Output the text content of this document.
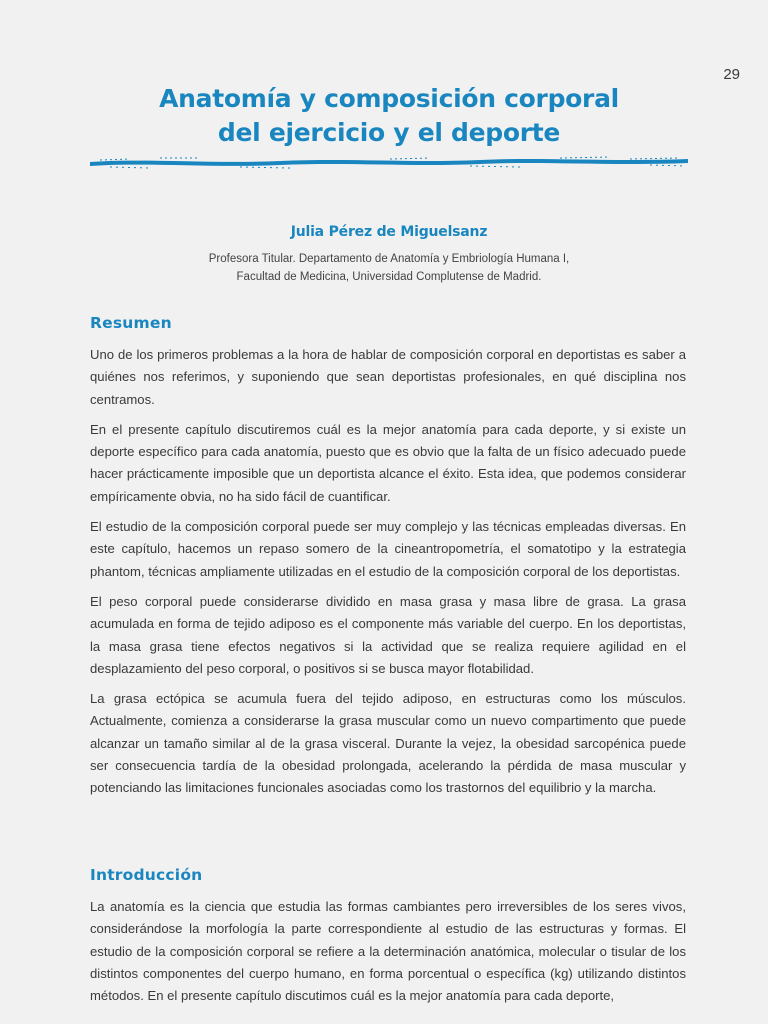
29
Anatomía y composición corporal
del ejercicio y el deporte
Julia Pérez de Miguelsanz
Profesora Titular. Departamento de Anatomía y Embriología Humana I,
Facultad de Medicina, Universidad Complutense de Madrid.
Resumen

Uno de los primeros problemas a la hora de hablar de composición corporal en deportistas es saber a quiénes nos referimos, y suponiendo que sean deportistas profesionales, en qué disciplina nos centramos.

En el presente capítulo discutiremos cuál es la mejor anatomía para cada deporte, y si existe un deporte específico para cada anatomía, puesto que es obvio que la falta de un físico adecuado puede hacer prácticamente imposible que un deportista alcance el éxito. Esta idea, que podemos considerar empíricamente obvia, no ha sido fácil de cuantificar.

El estudio de la composición corporal puede ser muy complejo y las técnicas empleadas diversas. En este capítulo, hacemos un repaso somero de la cineantropometría, el somatotipo y la estrategia phantom, técnicas ampliamente utilizadas en el estudio de la composición corporal de los deportistas.

El peso corporal puede considerarse dividido en masa grasa y masa libre de grasa. La grasa acumulada en forma de tejido adiposo es el componente más variable del cuerpo. En los deportistas, la masa grasa tiene efectos negativos si la actividad que se realiza requiere agilidad en el desplazamiento del peso corporal, o positivos si se busca mayor flotabilidad.

La grasa ectópica se acumula fuera del tejido adiposo, en estructuras como los músculos. Actualmente, comienza a considerarse la grasa muscular como un nuevo compartimento que puede alcanzar un tamaño similar al de la grasa visceral. Durante la vejez, la obesidad sarcopénica puede ser consecuencia tardía de la obesidad prolongada, acelerando la pérdida de masa muscular y potenciando las limitaciones funcionales asociadas como los trastornos del equilibrio y la marcha.

Introducción

La anatomía es la ciencia que estudia las formas cambiantes pero irreversibles de los seres vivos, considerándose la morfología la parte correspondiente al estudio de las estructuras y formas. El estudio de la composición corporal se refiere a la determinación anatómica, molecular o tisular de los distintos componentes del cuerpo humano, en forma porcentual o específica (kg) utilizando distintos métodos. En el presente capítulo discutimos cuál es la mejor anatomía para cada deporte,
